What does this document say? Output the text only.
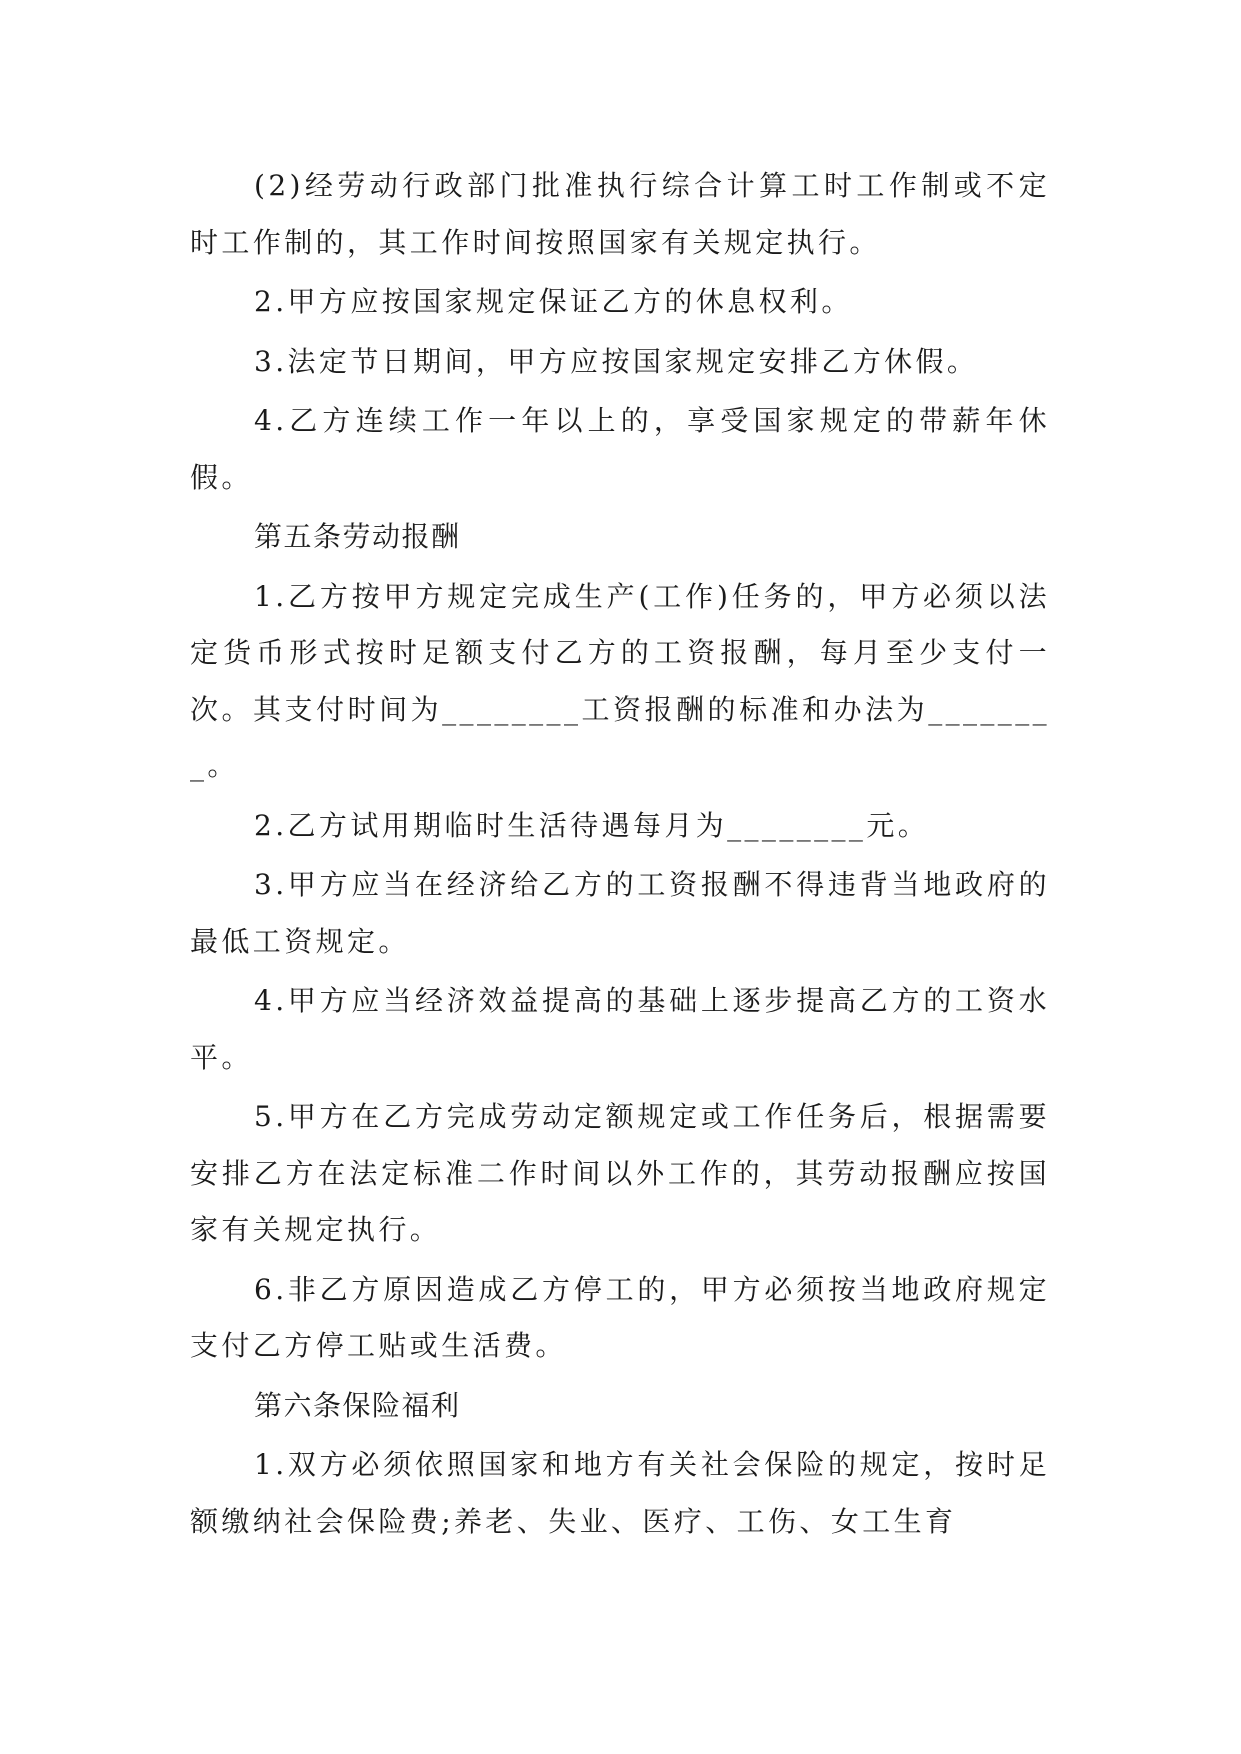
(2)经劳动行政部门批准执行综合计算工时工作制或不定时工作制的，其工作时间按照国家有关规定执行。

2.甲方应按国家规定保证乙方的休息权利。

3.法定节日期间，甲方应按国家规定安排乙方休假。

4.乙方连续工作一年以上的，享受国家规定的带薪年休假。

第五条劳动报酬

1.乙方按甲方规定完成生产(工作)任务的，甲方必须以法定货币形式按时足额支付乙方的工资报酬，每月至少支付一次。其支付时间为________工资报酬的标准和办法为________。

2.乙方试用期临时生活待遇每月为________元。

3.甲方应当在经济给乙方的工资报酬不得违背当地政府的最低工资规定。

4.甲方应当经济效益提高的基础上逐步提高乙方的工资水平。

5.甲方在乙方完成劳动定额规定或工作任务后，根据需要安排乙方在法定标准二作时间以外工作的，其劳动报酬应按国家有关规定执行。

6.非乙方原因造成乙方停工的，甲方必须按当地政府规定支付乙方停工贴或生活费。

第六条保险福利

1.双方必须依照国家和地方有关社会保险的规定，按时足额缴纳社会保险费;养老、失业、医疗、工伤、女工生育
